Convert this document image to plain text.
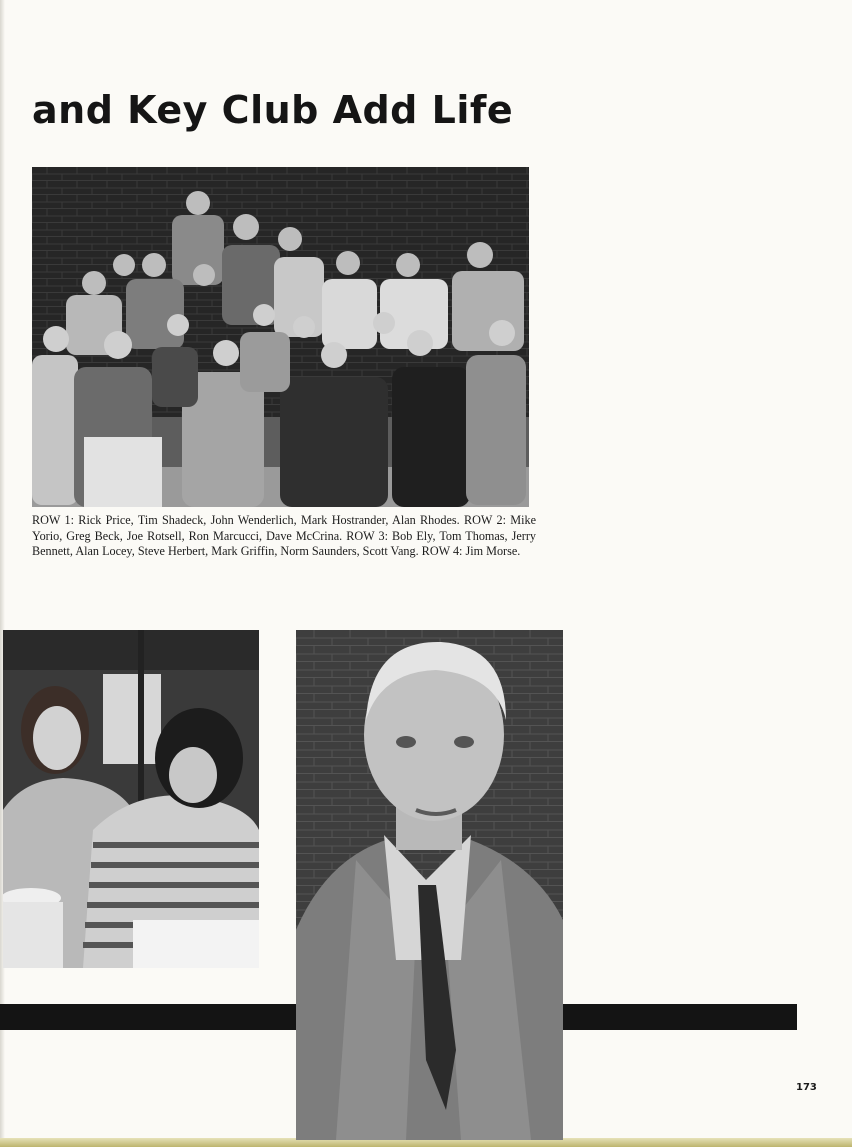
and Key Club Add Life

ROW 1: Rick Price, Tim Shadeck, John Wenderlich, Mark Hostrander, Alan Rhodes. ROW 2: Mike Yorio, Greg Beck, Joe Rotsell, Ron Marcucci, Dave McCrina. ROW 3: Bob Ely, Tom Thomas, Jerry Bennett, Alan Locey, Steve Herbert, Mark Griffin, Norm Saunders, Scott Vang. ROW 4: Jim Morse.

173
